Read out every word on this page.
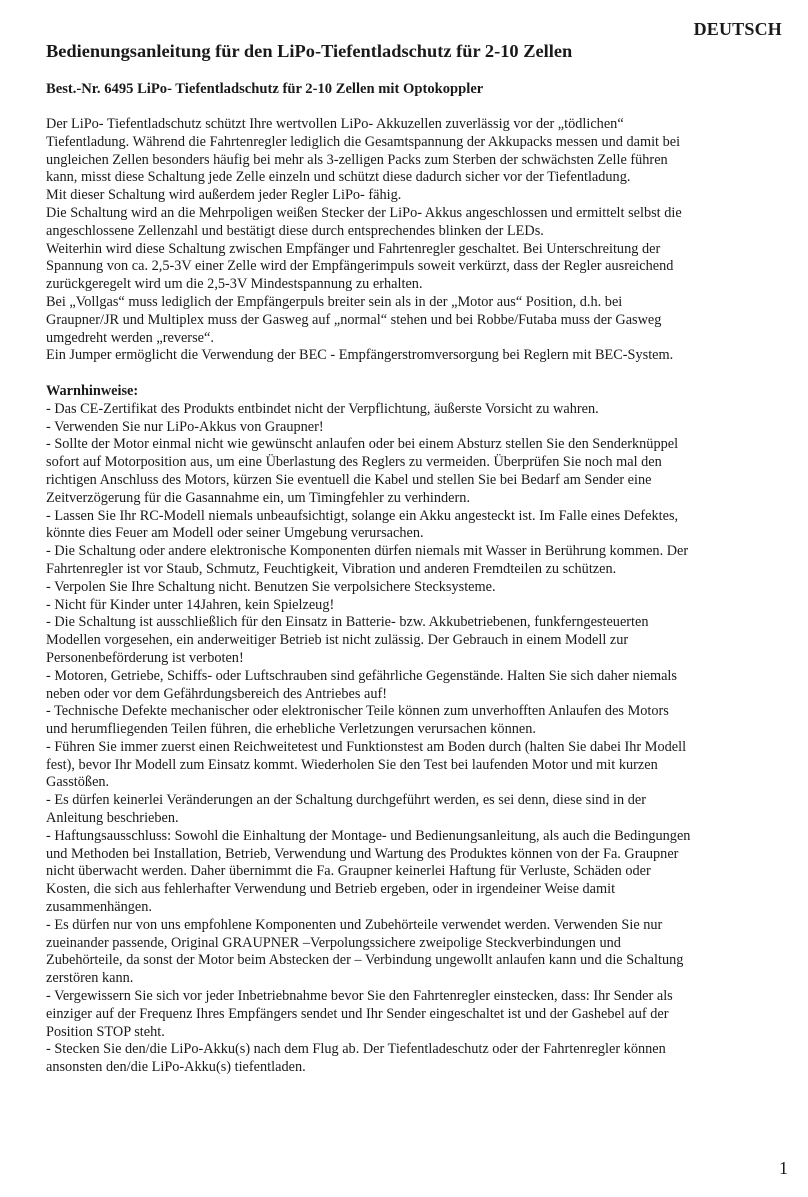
DEUTSCH
Bedienungsanleitung für den LiPo-Tiefentladschutz für 2-10 Zellen
Best.-Nr. 6495 LiPo- Tiefentladschutz für 2-10 Zellen mit Optokoppler
Der LiPo- Tiefentladschutz schützt Ihre wertvollen LiPo- Akkuzellen zuverlässig vor der „tödlichen“
Tiefentladung. Während die Fahrtenregler lediglich die Gesamtspannung der Akkupacks messen und damit bei
ungleichen Zellen besonders häufig bei mehr als 3-zelligen Packs zum Sterben der schwächsten Zelle führen
kann, misst diese Schaltung jede Zelle einzeln und schützt diese dadurch sicher vor der Tiefentladung.
Mit dieser Schaltung wird außerdem jeder Regler LiPo- fähig.
Die Schaltung wird an die Mehrpoligen weißen Stecker der LiPo- Akkus angeschlossen und ermittelt selbst die
angeschlossene Zellenzahl und bestätigt diese durch entsprechendes blinken der LEDs.
Weiterhin wird diese Schaltung zwischen Empfänger und Fahrtenregler geschaltet. Bei Unterschreitung der
Spannung von ca. 2,5-3V einer Zelle wird der Empfängerimpuls soweit verkürzt, dass der Regler ausreichend
zurückgeregelt wird um die 2,5-3V Mindestspannung zu erhalten.
Bei „Vollgas“ muss lediglich der Empfängerpuls breiter sein als in der „Motor aus“ Position, d.h. bei
Graupner/JR und Multiplex muss der Gasweg auf „normal“ stehen und bei Robbe/Futaba muss der Gasweg
umgedreht werden „reverse“.
Ein Jumper ermöglicht die Verwendung der BEC - Empfängerstromversorgung bei Reglern mit BEC-System.
Warnhinweise:
- Das CE-Zertifikat des Produkts entbindet nicht der Verpflichtung, äußerste Vorsicht zu wahren.
- Verwenden Sie nur LiPo-Akkus von Graupner!
- Sollte der Motor einmal nicht wie gewünscht anlaufen oder bei einem Absturz stellen Sie den Senderknüppel
sofort auf Motorposition aus, um eine Überlastung des Reglers zu vermeiden. Überprüfen Sie noch mal den
richtigen Anschluss des Motors, kürzen Sie eventuell die Kabel und stellen Sie bei Bedarf am Sender eine
Zeitverzögerung für die Gasannahme ein, um Timingfehler zu verhindern.
- Lassen Sie Ihr RC-Modell niemals unbeaufsichtigt, solange ein Akku angesteckt ist. Im Falle eines Defektes,
könnte dies Feuer am Modell oder seiner Umgebung verursachen.
- Die Schaltung oder andere elektronische Komponenten dürfen niemals mit Wasser in Berührung kommen. Der
Fahrtenregler ist vor Staub, Schmutz, Feuchtigkeit, Vibration und anderen Fremdteilen zu schützen.
- Verpolen Sie Ihre Schaltung nicht. Benutzen Sie verpolsichere Stecksysteme.
- Nicht für Kinder unter 14Jahren, kein Spielzeug!
- Die Schaltung ist ausschließlich für den Einsatz in Batterie- bzw. Akkubetriebenen, funkferngesteuerten
Modellen vorgesehen, ein anderweitiger Betrieb ist nicht zulässig. Der Gebrauch in einem Modell zur
Personenbeförderung ist verboten!
- Motoren, Getriebe, Schiffs- oder Luftschrauben sind gefährliche Gegenstände. Halten Sie sich daher niemals
neben oder vor dem Gefährdungsbereich des Antriebes auf!
- Technische Defekte mechanischer oder elektronischer Teile können zum unverhofften Anlaufen des Motors
und herumfliegenden Teilen führen, die erhebliche Verletzungen verursachen können.
- Führen Sie immer zuerst einen Reichweitetest und Funktionstest am Boden durch (halten Sie dabei Ihr Modell
fest), bevor Ihr Modell zum Einsatz kommt. Wiederholen Sie den Test bei laufenden Motor und mit kurzen
Gasstößen.
- Es dürfen keinerlei Veränderungen an der Schaltung durchgeführt werden, es sei denn, diese sind in der
Anleitung beschrieben.
- Haftungsausschluss: Sowohl die Einhaltung der Montage- und Bedienungsanleitung, als auch die Bedingungen
und Methoden bei Installation, Betrieb, Verwendung und Wartung des Produktes können von der Fa. Graupner
nicht überwacht werden. Daher übernimmt die Fa. Graupner keinerlei Haftung für Verluste, Schäden oder
Kosten, die sich aus fehlerhafter Verwendung und Betrieb ergeben, oder in irgendeiner Weise damit
zusammenhängen.
- Es dürfen nur von uns empfohlene Komponenten und Zubehörteile verwendet werden. Verwenden Sie nur
zueinander passende, Original GRAUPNER –Verpolungssichere zweipolige Steckverbindungen und
Zubehörteile, da sonst der Motor beim Abstecken der – Verbindung ungewollt anlaufen kann und die Schaltung
zerstören kann.
- Vergewissern Sie sich vor jeder Inbetriebnahme bevor Sie den Fahrtenregler einstecken, dass: Ihr Sender als
einziger auf der Frequenz Ihres Empfängers sendet und Ihr Sender eingeschaltet ist und der Gashebel auf der
Position STOP steht.
- Stecken Sie den/die LiPo-Akku(s) nach dem Flug ab. Der Tiefentladeschutz oder der Fahrtenregler können
ansonsten den/die LiPo-Akku(s) tiefentladen.
1
